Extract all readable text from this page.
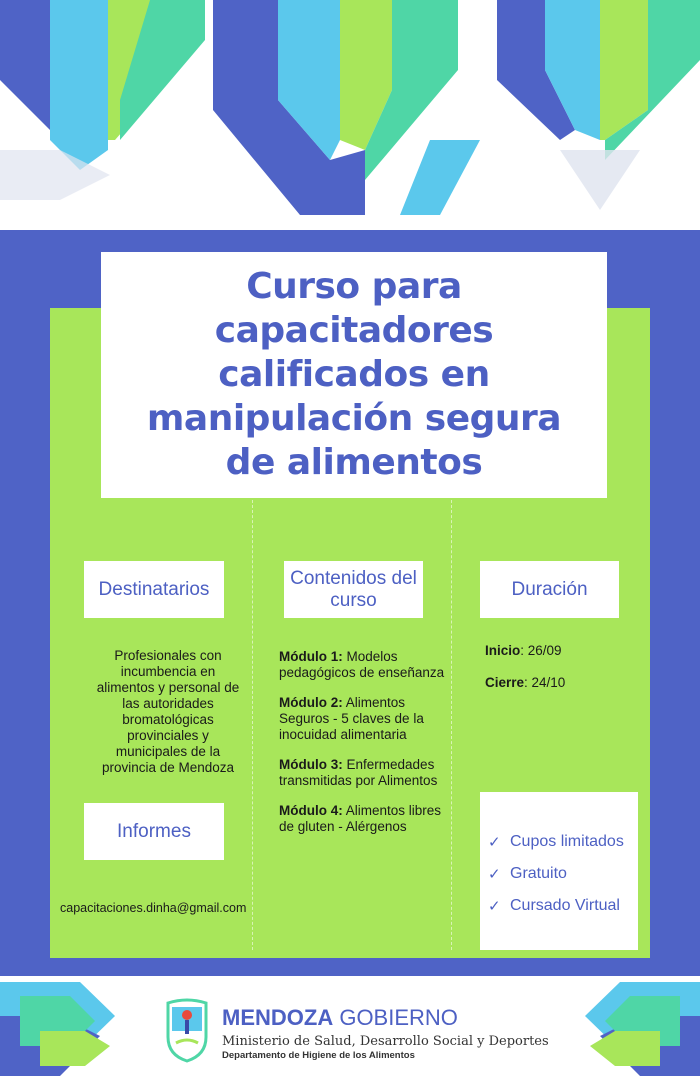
Curso para
capacitadores
calificados en
manipulación segura
de alimentos
Destinatarios

Profesionales con incumbencia en alimentos y personal de las autoridades bromatológicas provinciales y municipales de la provincia de Mendoza

Informes

capacitaciones.dinha@gmail.com

Contenidos del curso
Módulo 1: Modelos pedagógicos de enseñanza
Módulo 2: Alimentos Seguros - 5 claves de la inocuidad alimentaria
Módulo 3: Enfermedades transmitidas por Alimentos
Módulo 4: Alimentos libres de gluten - Alérgenos
Duración

Inicio: 26/09

Cierre: 24/10

✓ Cupos limitados
✓ Gratuito
✓ Cursado Virtual
MENDOZA GOBIERNO
Ministerio de Salud, Desarrollo Social y Deportes
Departamento de Higiene de los Alimentos
